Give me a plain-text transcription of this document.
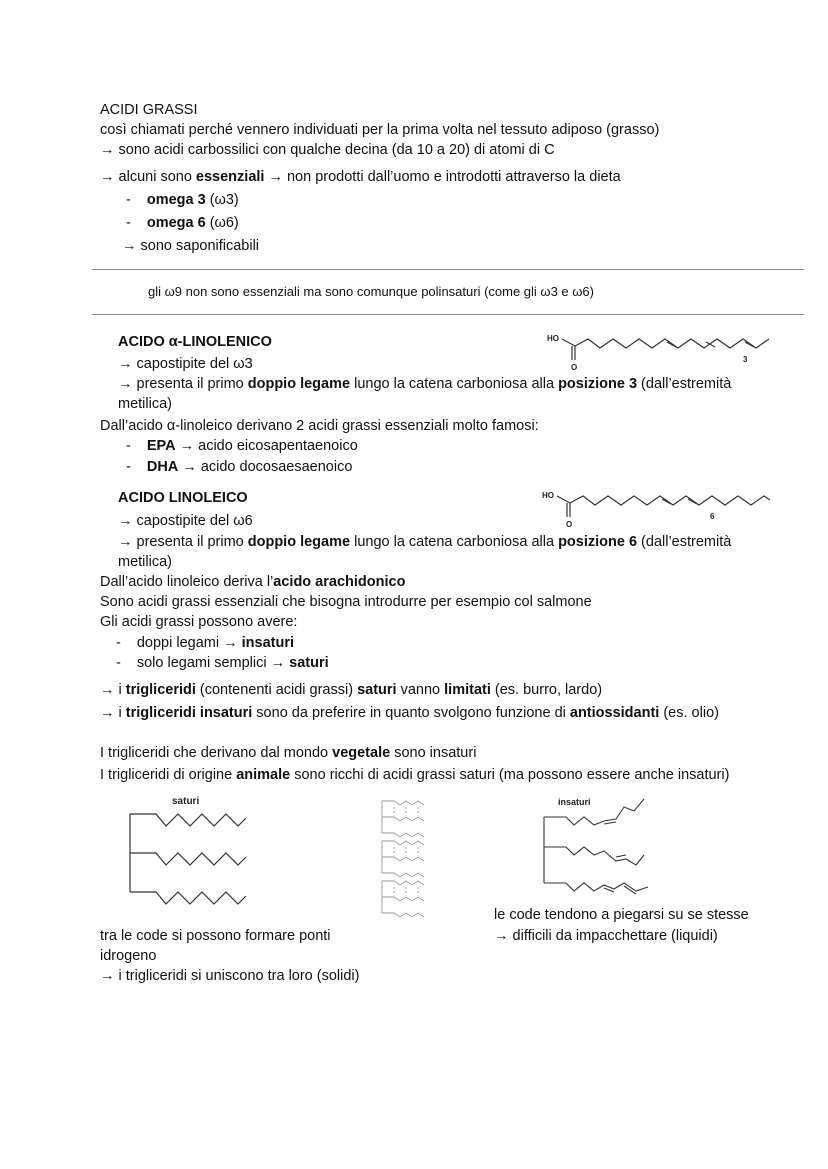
ACIDI GRASSI
così chiamati perché vennero individuati per la prima volta nel tessuto adiposo (grasso)
→ sono acidi carbossilici con qualche decina (da 10 a 20) di atomi di C
→ alcuni sono essenziali → non prodotti dall’uomo e introdotti attraverso la dieta
- omega 3 (ω3)
- omega 6 (ω6)
→ sono saponificabili
gli ω9 non sono essenziali ma sono comunque polinsaturi (come gli ω3 e ω6)
ACIDO α-LINOLENICO
→ capostipite del ω3
→ presenta il primo doppio legame lungo la catena carboniosa alla posizione 3 (dall’estremità
metilica)
Dall’acido α-linoleico derivano 2 acidi grassi essenziali molto famosi:
- EPA → acido eicosapentaenoico
- DHA → acido docosaesaenoico
HO
O
3
ACIDO LINOLEICO
→ capostipite del ω6
→ presenta il primo doppio legame lungo la catena carboniosa alla posizione 6 (dall’estremità
metilica)
Dall’acido linoleico deriva l’acido arachidonico
Sono acidi grassi essenziali che bisogna introdurre per esempio col salmone
Gli acidi grassi possono avere:
- doppi legami → insaturi
- solo legami semplici → saturi
HO
O
6
→ i trigliceridi (contenenti acidi grassi) saturi vanno limitati (es. burro, lardo)
→ i trigliceridi insaturi sono da preferire in quanto svolgono funzione di antiossidanti (es. olio)
I trigliceridi che derivano dal mondo vegetale sono insaturi
I trigliceridi di origine animale sono ricchi di acidi grassi saturi (ma possono essere anche insaturi)
saturi	insaturi
le code tendono a piegarsi su se stesse
→ difficili da impacchettare (liquidi)
tra le code si possono formare ponti
idrogeno
→ i trigliceridi si uniscono tra loro (solidi)
